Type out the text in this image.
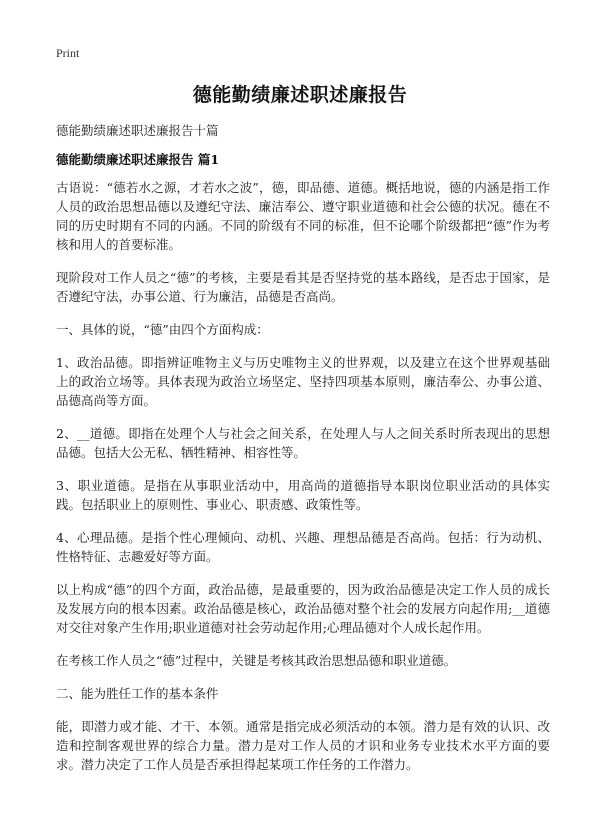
Print
德能勤绩廉述职述廉报告
德能勤绩廉述职述廉报告十篇
德能勤绩廉述职述廉报告 篇1

古语说：“德若水之源，才若水之波”，德，即品德、道德。概括地说，德的内涵是指工作人员的政治思想品德以及遵纪守法、廉洁奉公、遵守职业道德和社会公德的状况。德在不同的历史时期有不同的内涵。不同的阶级有不同的标准，但不论哪个阶级都把“德”作为考核和用人的首要标准。

现阶段对工作人员之“德”的考核，主要是看其是否坚持党的基本路线，是否忠于国家，是否遵纪守法，办事公道、行为廉洁，品德是否高尚。

一、具体的说，“德”由四个方面构成：

1、政治品德。即指辨证唯物主义与历史唯物主义的世界观，以及建立在这个世界观基础上的政治立场等。具体表现为政治立场坚定、坚持四项基本原则，廉洁奉公、办事公道、品德高尚等方面。

2、__道德。即指在处理个人与社会之间关系，在处理人与人之间关系时所表现出的思想品德。包括大公无私、牺牲精神、相容性等。

3、职业道德。是指在从事职业活动中，用高尚的道德指导本职岗位职业活动的具体实践。包括职业上的原则性、事业心、职责感、政策性等。

4、心理品德。是指个性心理倾向、动机、兴趣、理想品德是否高尚。包括：行为动机、性格特征、志趣爱好等方面。

以上构成“德”的四个方面，政治品德，是最重要的，因为政治品德是决定工作人员的成长及发展方向的根本因素。政治品德是核心，政治品德对整个社会的发展方向起作用;__道德对交往对象产生作用;职业道德对社会劳动起作用;心理品德对个人成长起作用。

在考核工作人员之“德”过程中，关键是考核其政治思想品德和职业道德。

二、能为胜任工作的基本条件

能，即潜力或才能、才干、本领。通常是指完成必须活动的本领。潜力是有效的认识、改造和控制客观世界的综合力量。潜力是对工作人员的才识和业务专业技术水平方面的要求。潜力决定了工作人员是否承担得起某项工作任务的工作潜力。
